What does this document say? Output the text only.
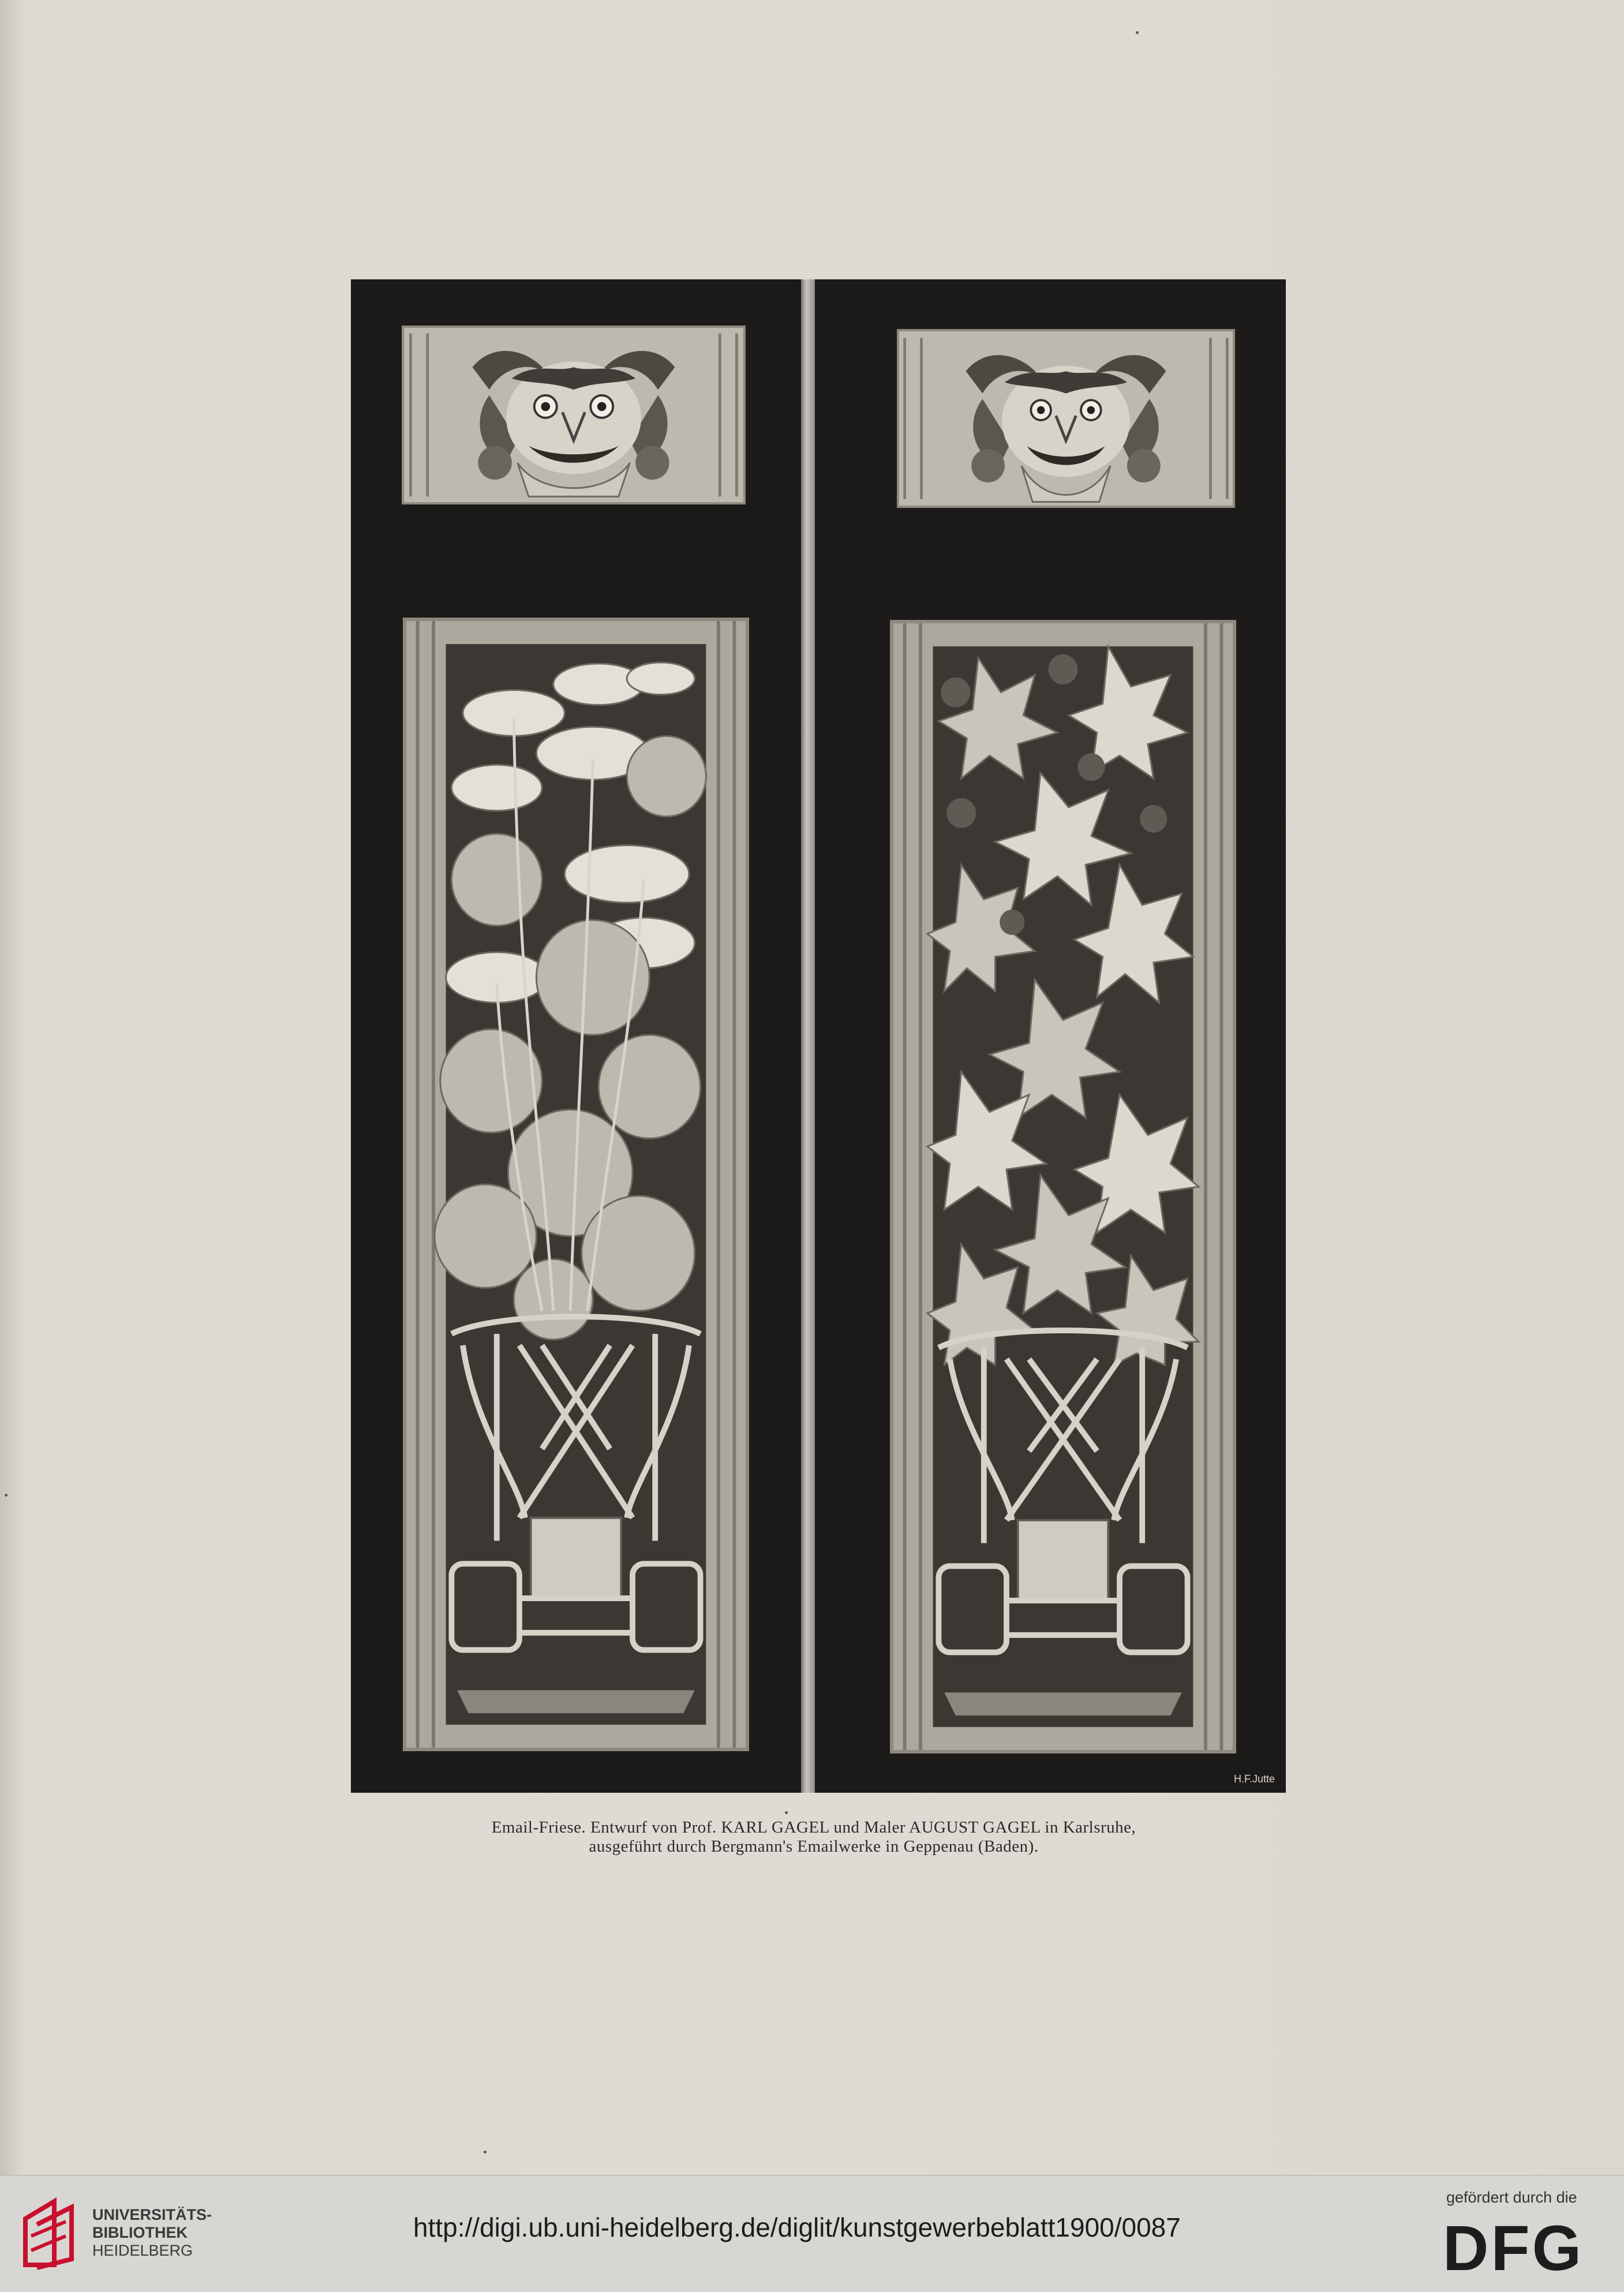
H.F.Jutte
Email-Friese. Entwurf von Prof. KARL GAGEL und Maler AUGUST GAGEL in Karlsruhe,
ausgeführt durch Bergmann's Emailwerke in Geppenau (Baden).
UNIVERSITÄTS-
BIBLIOTHEK
HEIDELBERG
http://digi.ub.uni-heidelberg.de/diglit/kunstgewerbeblatt1900/0087
gefördert durch die
DFG
